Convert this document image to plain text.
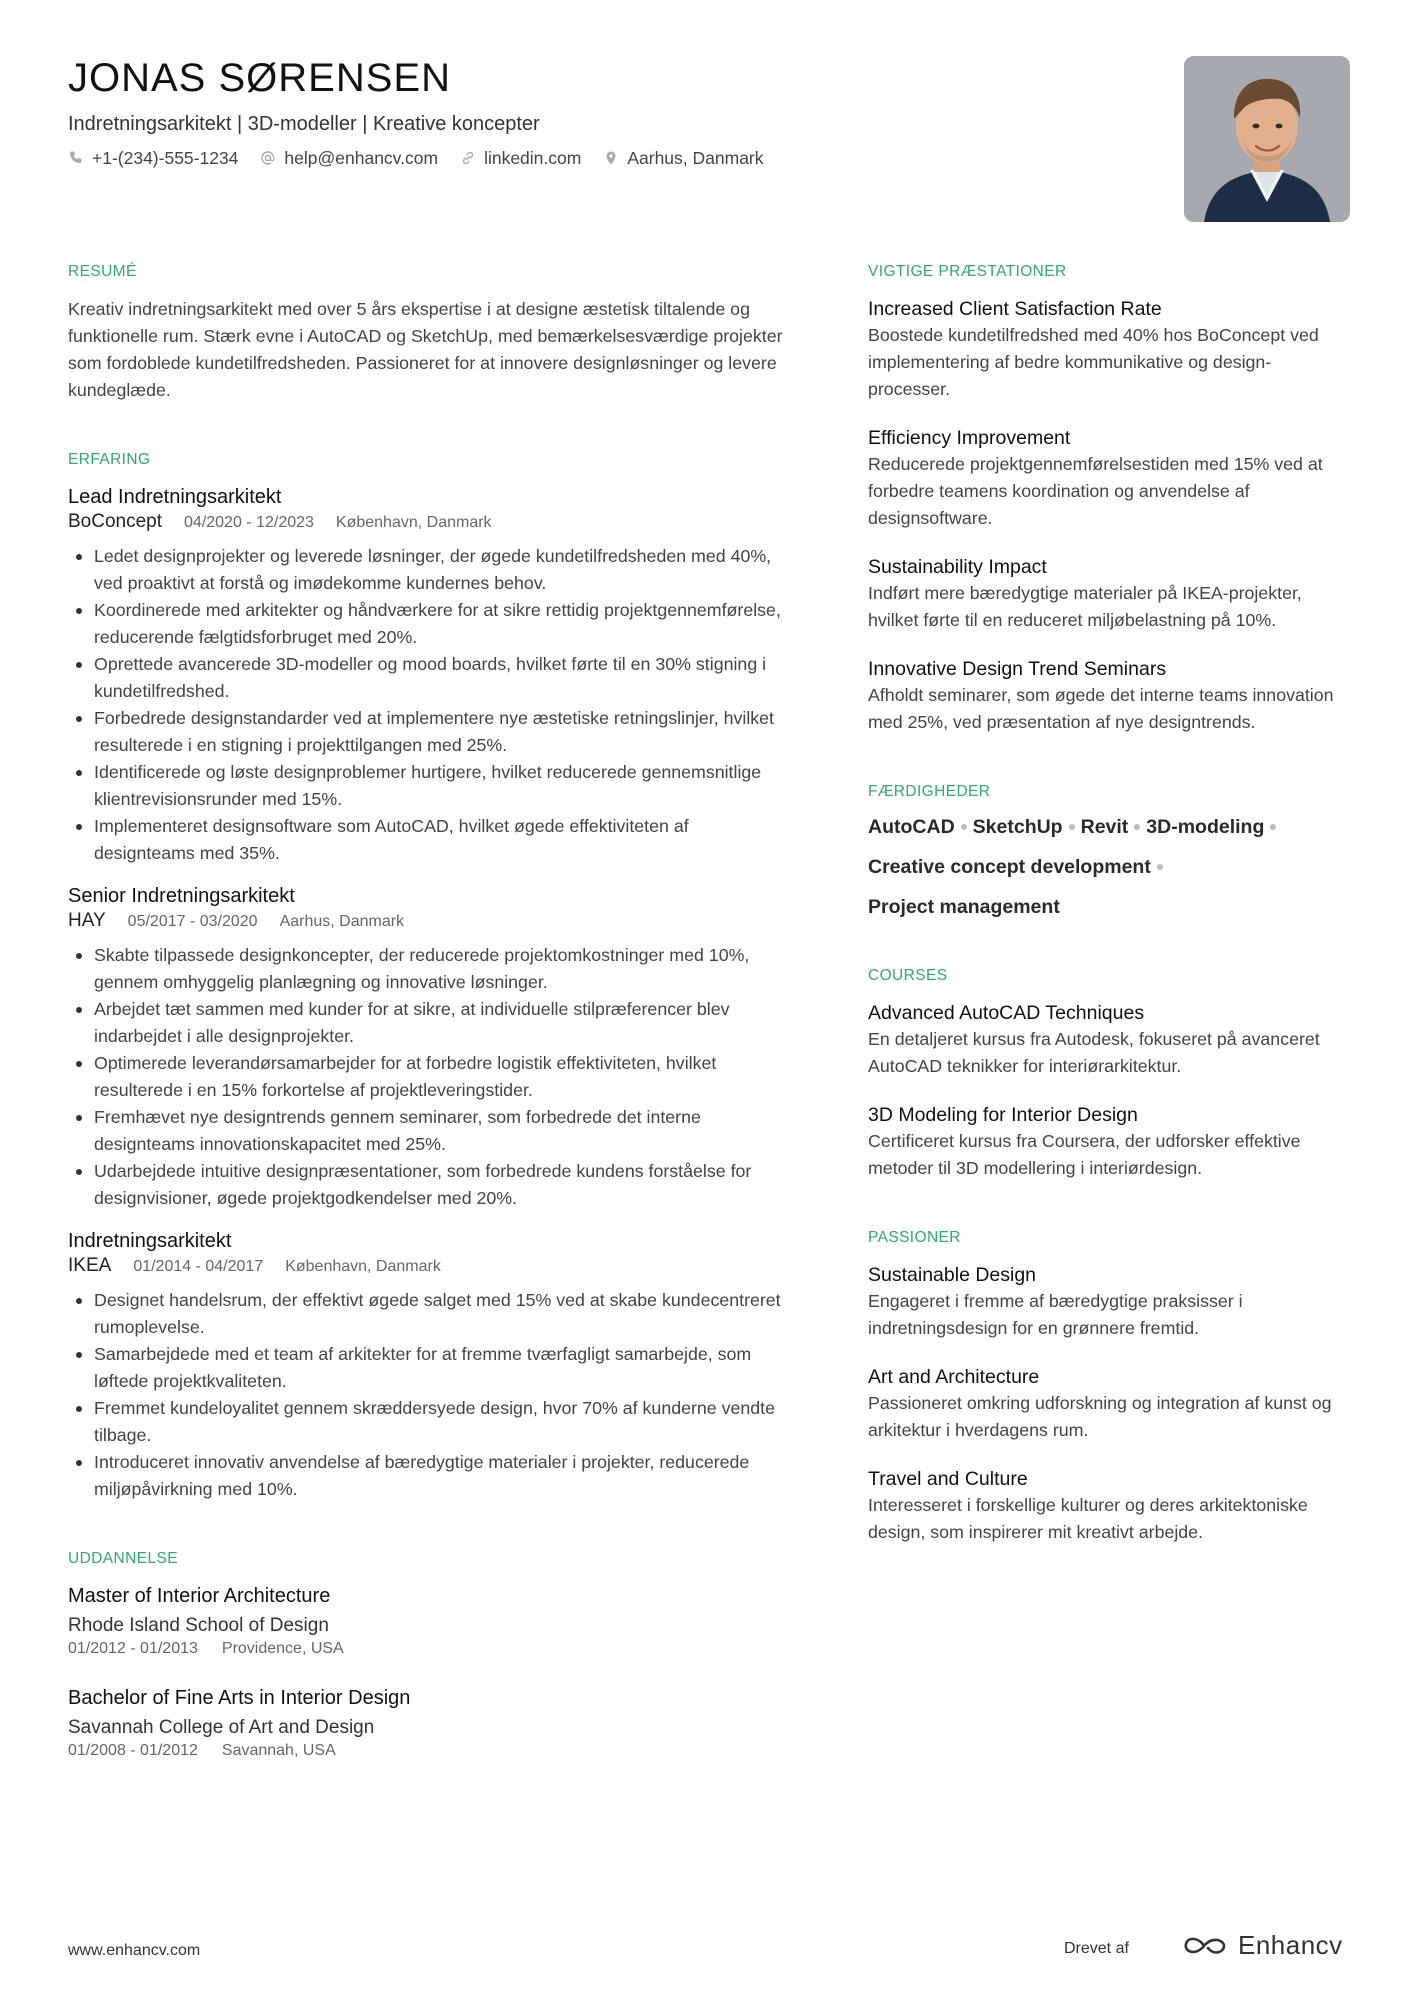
JONAS SØRENSEN
Indretningsarkitekt | 3D-modeller | Kreative koncepter
+1-(234)-555-1234	help@enhancv.com	linkedin.com	Aarhus, Danmark
RESUMÉ

Kreativ indretningsarkitekt med over 5 års ekspertise i at designe æstetisk tiltalende og funktionelle rum. Stærk evne i AutoCAD og SketchUp, med bemærkelsesværdige projekter som fordoblede kundetilfredsheden. Passioneret for at innovere designløsninger og levere kundeglæde.

ERFARING
Lead Indretningsarkitekt
BoConcept 04/2020 - 12/2023 København, Danmark
Ledet designprojekter og leverede løsninger, der øgede kundetilfredsheden med 40%, ved proaktivt at forstå og imødekomme kundernes behov.
Koordinerede med arkitekter og håndværkere for at sikre rettidig projektgennemførelse, reducerende fælgtidsforbruget med 20%.
Oprettede avancerede 3D-modeller og mood boards, hvilket førte til en 30% stigning i kundetilfredshed.
Forbedrede designstandarder ved at implementere nye æstetiske retningslinjer, hvilket resulterede i en stigning i projekttilgangen med 25%.
Identificerede og løste designproblemer hurtigere, hvilket reducerede gennemsnitlige klientrevisionsrunder med 15%.
Implementeret designsoftware som AutoCAD, hvilket øgede effektiviteten af designteams med 35%.
Senior Indretningsarkitekt
HAY 05/2017 - 03/2020 Aarhus, Danmark
Skabte tilpassede designkoncepter, der reducerede projektomkostninger med 10%, gennem omhyggelig planlægning og innovative løsninger.
Arbejdet tæt sammen med kunder for at sikre, at individuelle stilpræferencer blev indarbejdet i alle designprojekter.
Optimerede leverandørsamarbejder for at forbedre logistik effektiviteten, hvilket resulterede i en 15% forkortelse af projektleveringstider.
Fremhævet nye designtrends gennem seminarer, som forbedrede det interne designteams innovationskapacitet med 25%.
Udarbejdede intuitive designpræsentationer, som forbedrede kundens forståelse for designvisioner, øgede projektgodkendelser med 20%.
Indretningsarkitekt
IKEA 01/2014 - 04/2017 København, Danmark
Designet handelsrum, der effektivt øgede salget med 15% ved at skabe kundecentreret rumoplevelse.
Samarbejdede med et team af arkitekter for at fremme tværfagligt samarbejde, som løftede projektkvaliteten.
Fremmet kundeloyalitet gennem skræddersyede design, hvor 70% af kunderne vendte tilbage.
Introduceret innovativ anvendelse af bæredygtige materialer i projekter, reducerede miljøpåvirkning med 10%.
UDDANNELSE
Master of Interior Architecture
Rhode Island School of Design
01/2012 - 01/2013 Providence, USA
Bachelor of Fine Arts in Interior Design
Savannah College of Art and Design
01/2008 - 01/2012 Savannah, USA
VIGTIGE PRÆSTATIONER
Increased Client Satisfaction Rate

Boostede kundetilfredshed med 40% hos BoConcept ved implementering af bedre kommunikative og design-processer.

Efficiency Improvement

Reducerede projektgennemførelsestiden med 15% ved at forbedre teamens koordination og anvendelse af designsoftware.

Sustainability Impact

Indført mere bæredygtige materialer på IKEA-projekter, hvilket førte til en reduceret miljøbelastning på 10%.

Innovative Design Trend Seminars

Afholdt seminarer, som øgede det interne teams innovation med 25%, ved præsentation af nye designtrends.

FÆRDIGHEDER
AutoCAD SketchUp Revit 3D-modeling
Creative concept development
Project management
COURSES
Advanced AutoCAD Techniques

En detaljeret kursus fra Autodesk, fokuseret på avanceret AutoCAD teknikker for interiørarkitektur.

3D Modeling for Interior Design

Certificeret kursus fra Coursera, der udforsker effektive metoder til 3D modellering i interiørdesign.

PASSIONER
Sustainable Design

Engageret i fremme af bæredygtige praksisser i indretningsdesign for en grønnere fremtid.

Art and Architecture

Passioneret omkring udforskning og integration af kunst og arkitektur i hverdagens rum.

Travel and Culture

Interesseret i forskellige kulturer og deres arkitektoniske design, som inspirerer mit kreativt arbejde.

www.enhancv.com	Drevet af	Enhancv
